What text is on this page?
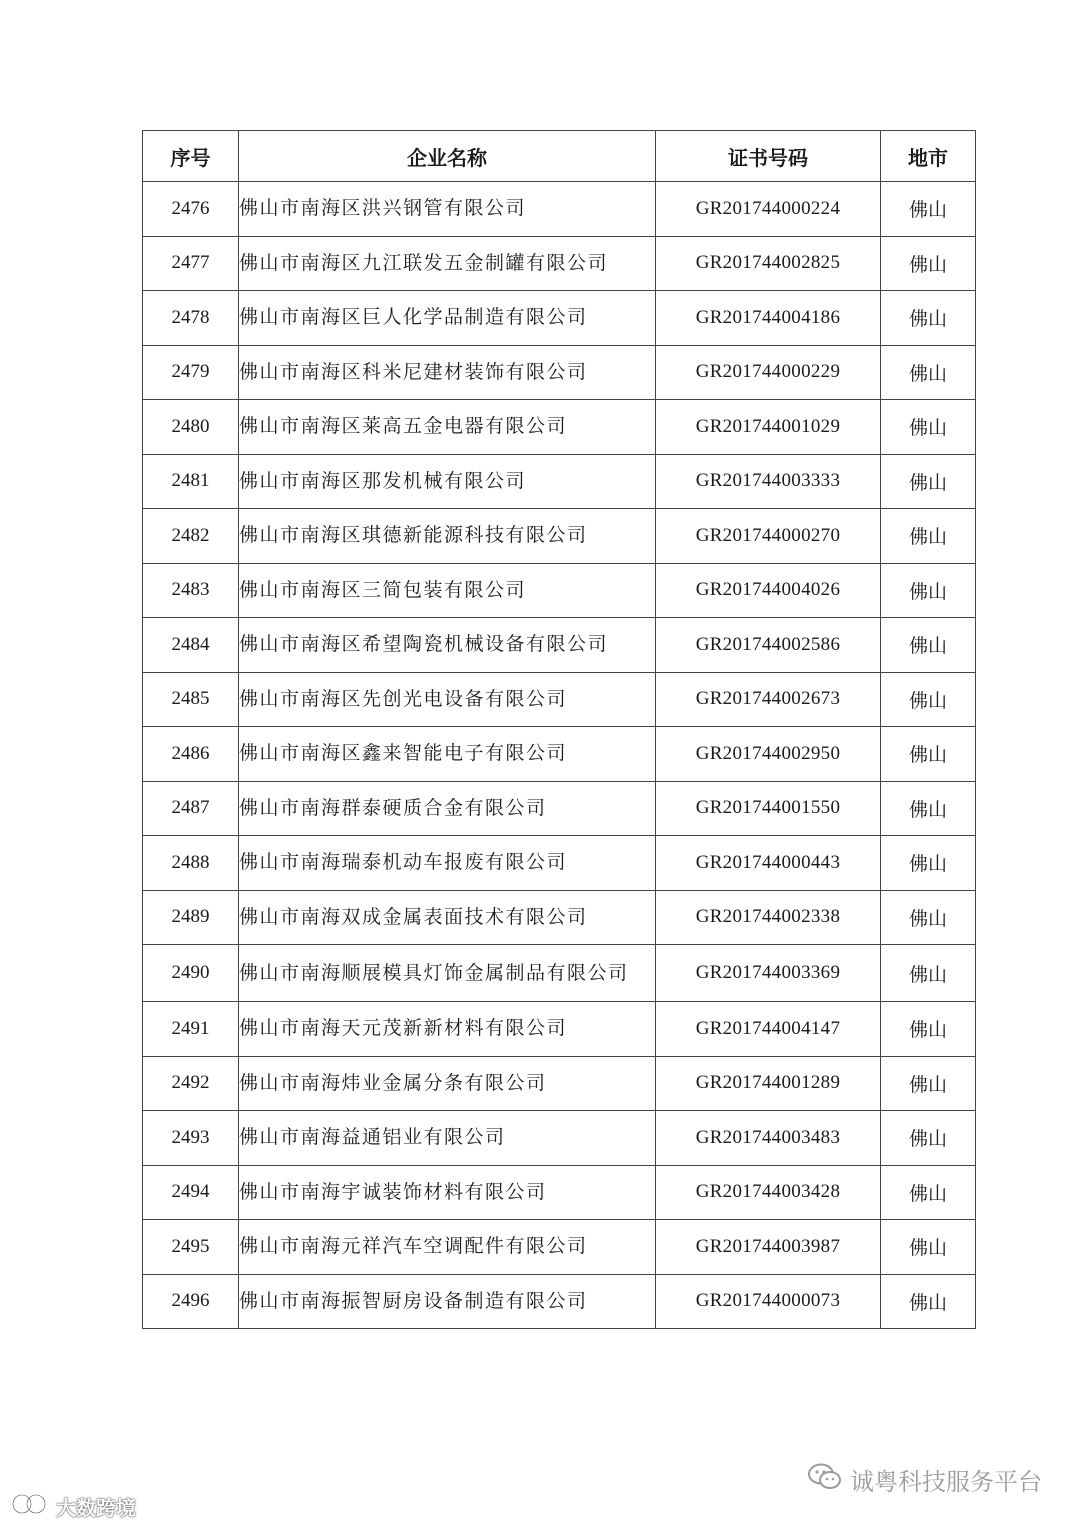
序号	企业名称	证书号码	地市
2476	佛山市南海区洪兴钢管有限公司	GR201744000224	佛山
2477	佛山市南海区九江联发五金制罐有限公司	GR201744002825	佛山
2478	佛山市南海区巨人化学品制造有限公司	GR201744004186	佛山
2479	佛山市南海区科米尼建材装饰有限公司	GR201744000229	佛山
2480	佛山市南海区莱高五金电器有限公司	GR201744001029	佛山
2481	佛山市南海区那发机械有限公司	GR201744003333	佛山
2482	佛山市南海区琪德新能源科技有限公司	GR201744000270	佛山
2483	佛山市南海区三简包装有限公司	GR201744004026	佛山
2484	佛山市南海区希望陶瓷机械设备有限公司	GR201744002586	佛山
2485	佛山市南海区先创光电设备有限公司	GR201744002673	佛山
2486	佛山市南海区鑫来智能电子有限公司	GR201744002950	佛山
2487	佛山市南海群泰硬质合金有限公司	GR201744001550	佛山
2488	佛山市南海瑞泰机动车报废有限公司	GR201744000443	佛山
2489	佛山市南海双成金属表面技术有限公司	GR201744002338	佛山
2490	佛山市南海顺展模具灯饰金属制品有限公司	GR201744003369	佛山
2491	佛山市南海天元茂新新材料有限公司	GR201744004147	佛山
2492	佛山市南海炜业金属分条有限公司	GR201744001289	佛山
2493	佛山市南海益通铝业有限公司	GR201744003483	佛山
2494	佛山市南海宇诚装饰材料有限公司	GR201744003428	佛山
2495	佛山市南海元祥汽车空调配件有限公司	GR201744003987	佛山
2496	佛山市南海振智厨房设备制造有限公司	GR201744000073	佛山
诚粤科技服务平台
大数跨境
